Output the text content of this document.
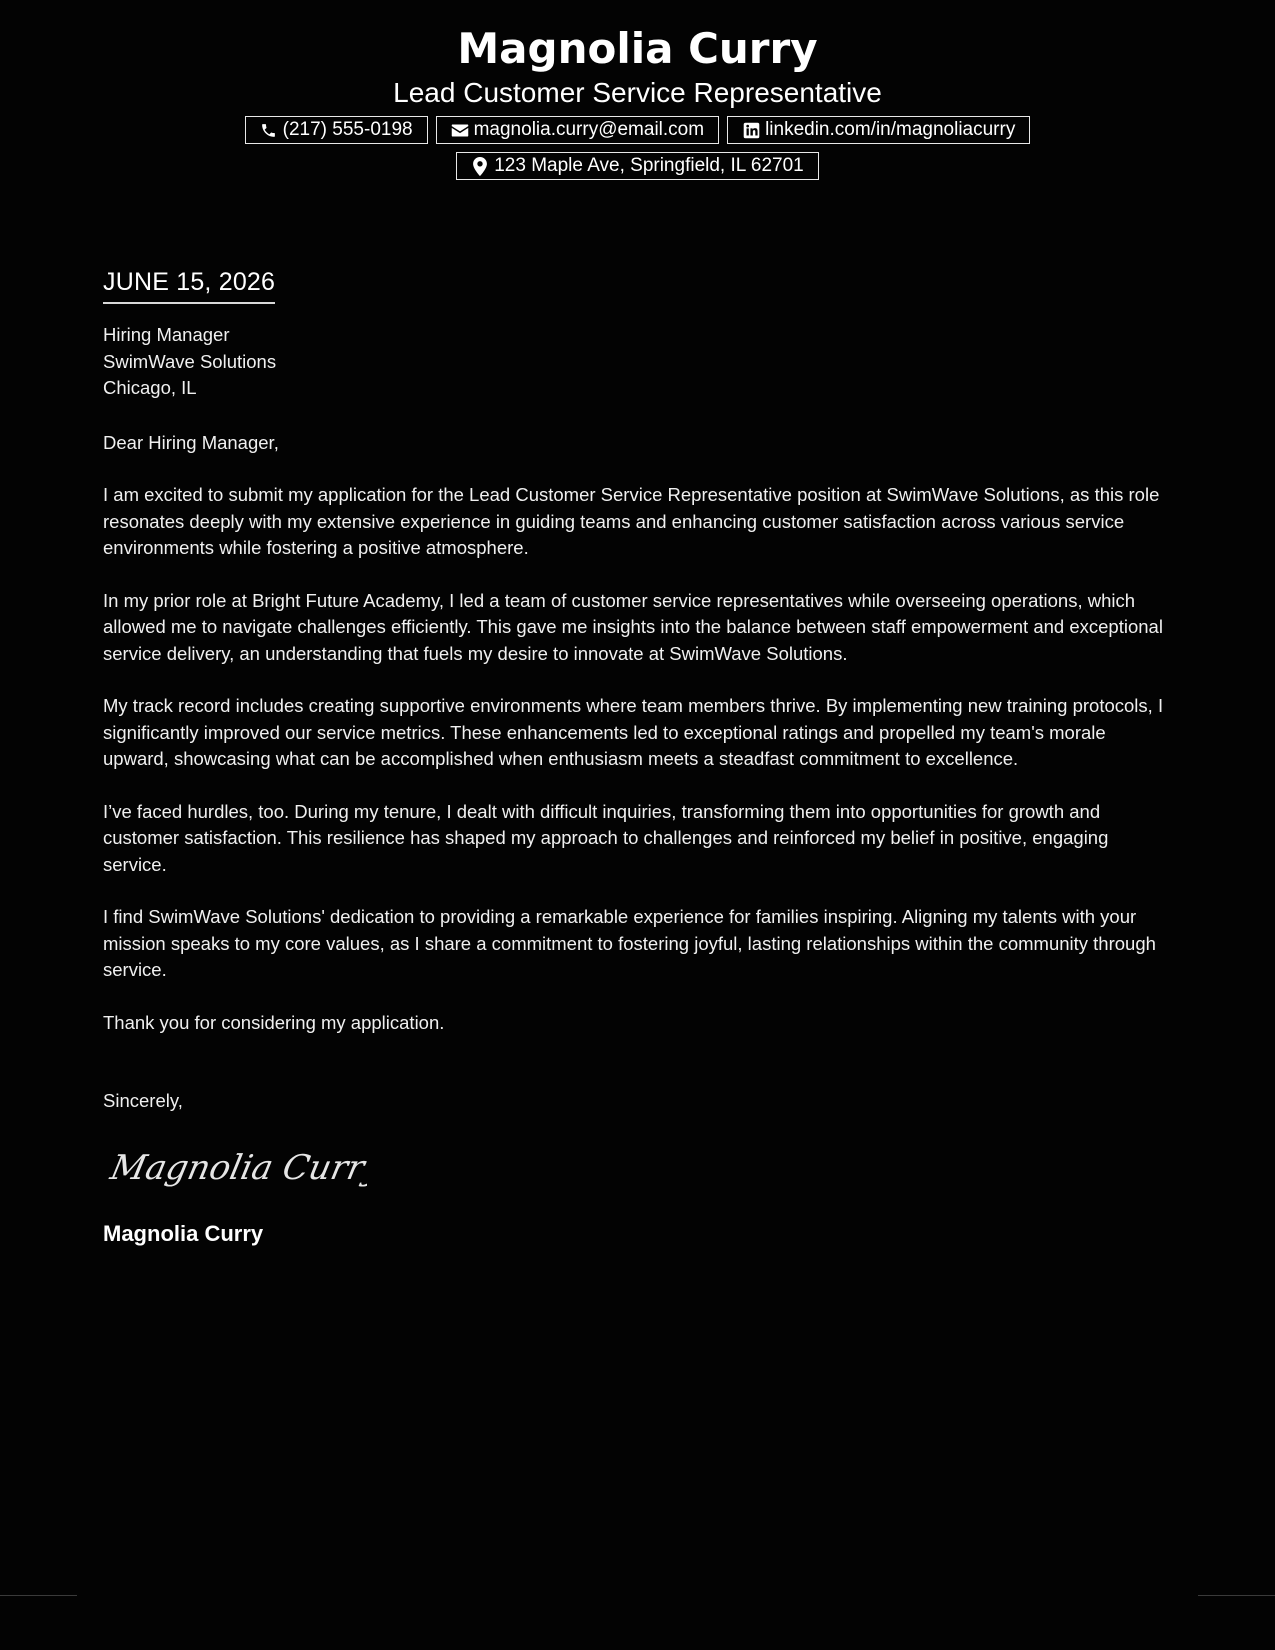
Magnolia Curry
Lead Customer Service Representative
(217) 555-0198	magnolia.curry@email.com	linkedin.com/in/magnoliacurry
123 Maple Ave, Springfield, IL 62701
JUNE 15, 2026
Hiring Manager
SwimWave Solutions
Chicago, IL
Dear Hiring Manager,

I am excited to submit my application for the Lead Customer Service Representative position at SwimWave Solutions, as this role resonates deeply with my extensive experience in guiding teams and enhancing customer satisfaction across various service environments while fostering a positive atmosphere.

In my prior role at Bright Future Academy, I led a team of customer service representatives while overseeing operations, which allowed me to navigate challenges efficiently. This gave me insights into the balance between staff empowerment and exceptional service delivery, an understanding that fuels my desire to innovate at SwimWave Solutions.

My track record includes creating supportive environments where team members thrive. By implementing new training protocols, I significantly improved our service metrics. These enhancements led to exceptional ratings and propelled my team's morale upward, showcasing what can be accomplished when enthusiasm meets a steadfast commitment to excellence.

I’ve faced hurdles, too. During my tenure, I dealt with difficult inquiries, transforming them into opportunities for growth and customer satisfaction. This resilience has shaped my approach to challenges and reinforced my belief in positive, engaging service.

I find SwimWave Solutions' dedication to providing a remarkable experience for families inspiring. Aligning my talents with your mission speaks to my core values, as I share a commitment to fostering joyful, lasting relationships within the community through service.

Thank you for considering my application.

Sincerely,
Magnolia Curry
Magnolia Curry
